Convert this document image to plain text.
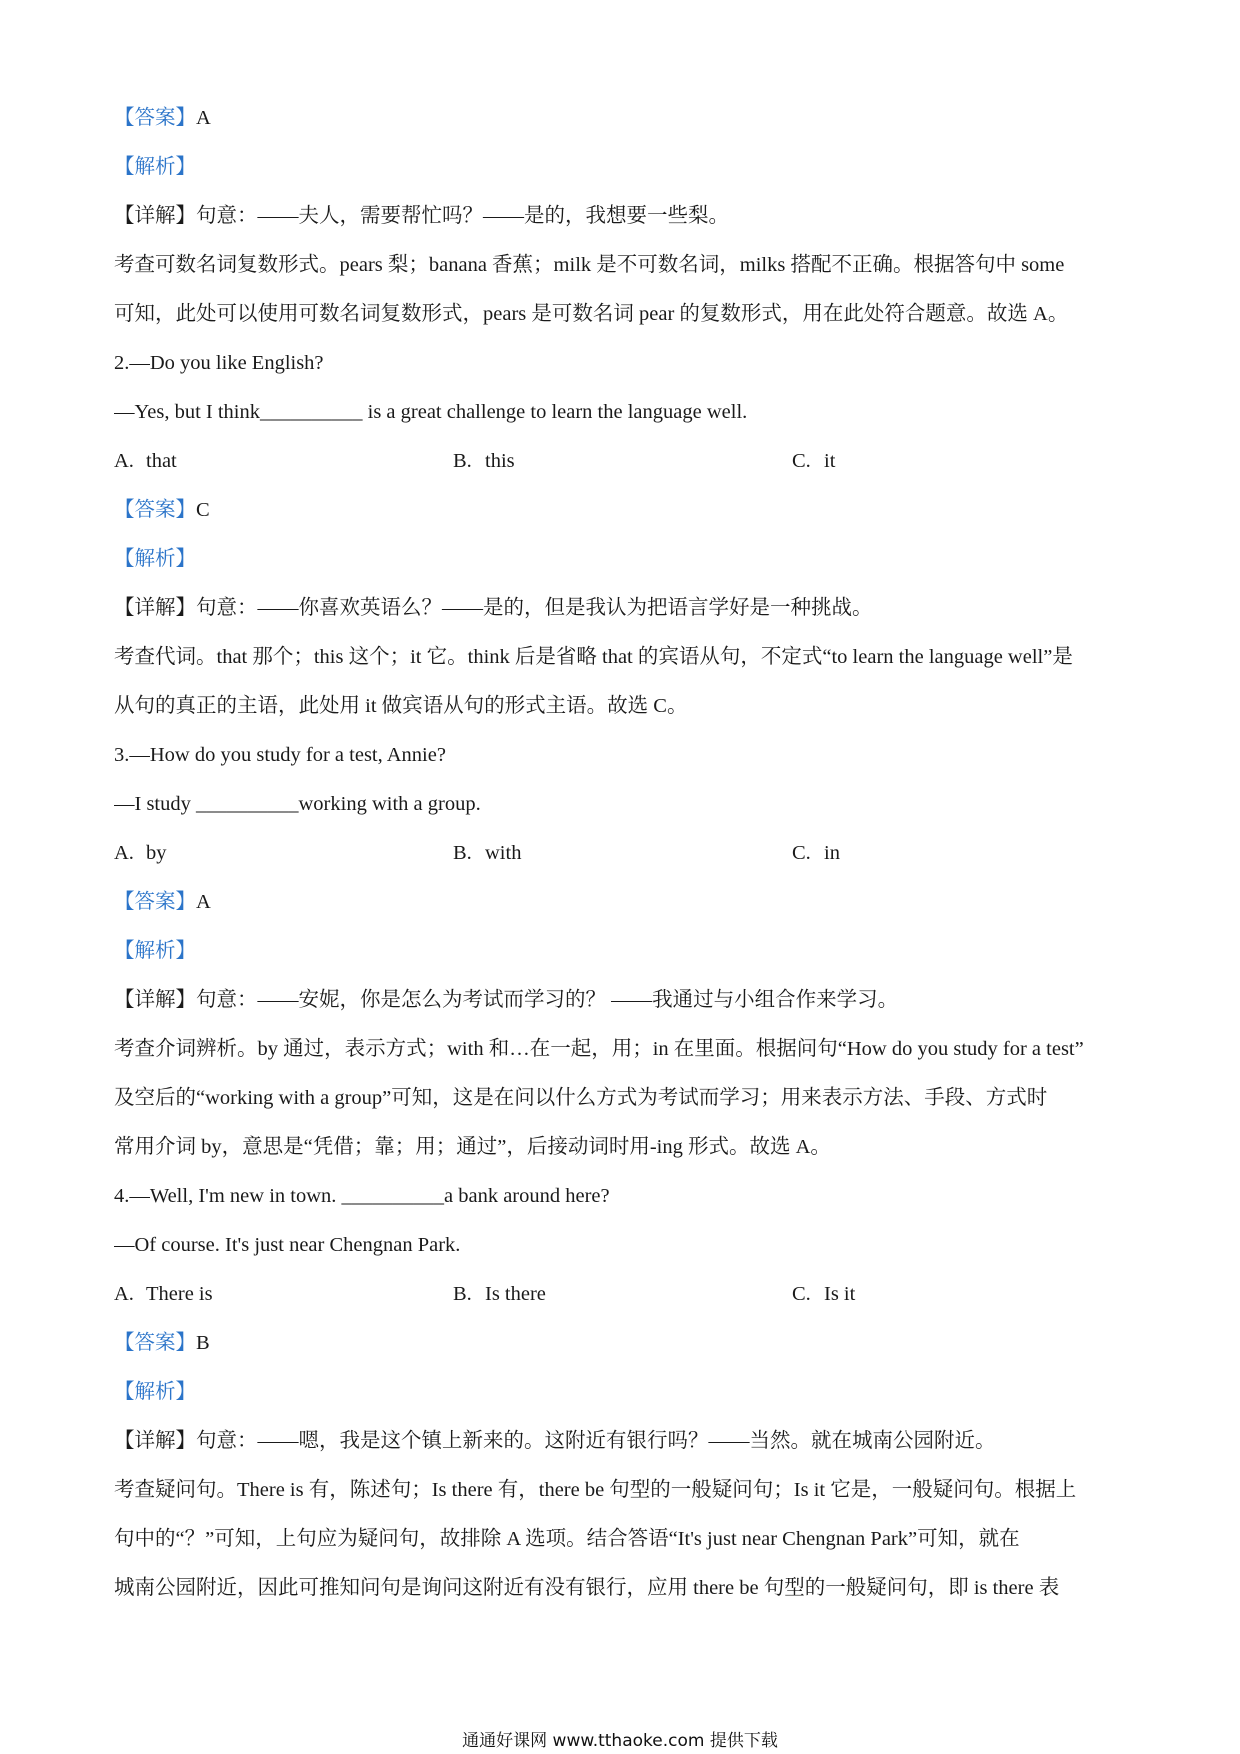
【答案】A
【解析】
【详解】句意：——夫人，需要帮忙吗？——是的，我想要一些梨。
考查可数名词复数形式。pears 梨；banana 香蕉；milk 是不可数名词，milks 搭配不正确。根据答句中 some
可知，此处可以使用可数名词复数形式，pears 是可数名词 pear 的复数形式，用在此处符合题意。故选 A。
2.—Do you like English?
—Yes, but I think__________ is a great challenge to learn the language well.
A. that	B. this	C. it
【答案】C
【解析】
【详解】句意：——你喜欢英语么？——是的，但是我认为把语言学好是一种挑战。
考查代词。that 那个；this 这个；it 它。think 后是省略 that 的宾语从句，不定式“to learn the language well”是
从句的真正的主语，此处用 it 做宾语从句的形式主语。故选 C。
3.—How do you study for a test, Annie?
—I study __________working with a group.
A. by	B. with	C. in
【答案】A
【解析】
【详解】句意：——安妮，你是怎么为考试而学习的？ ——我通过与小组合作来学习。
考查介词辨析。by 通过，表示方式；with 和…在一起，用；in 在里面。根据问句“How do you study for a test”
及空后的“working with a group”可知，这是在问以什么方式为考试而学习；用来表示方法、手段、方式时
常用介词 by，意思是“凭借；靠；用；通过”，后接动词时用-ing 形式。故选 A。
4.—Well, I'm new in town. __________a bank around here?
—Of course. It's just near Chengnan Park.
A. There is	B. Is there	C. Is it
【答案】B
【解析】
【详解】句意：——嗯，我是这个镇上新来的。这附近有银行吗？——当然。就在城南公园附近。
考查疑问句。There is 有，陈述句；Is there 有，there be 句型的一般疑问句；Is it 它是，一般疑问句。根据上
句中的“？”可知，上句应为疑问句，故排除 A 选项。结合答语“It's just near Chengnan Park”可知，就在
城南公园附近，因此可推知问句是询问这附近有没有银行，应用 there be 句型的一般疑问句，即 is there 表
通通好课网 www.tthaoke.com 提供下载
